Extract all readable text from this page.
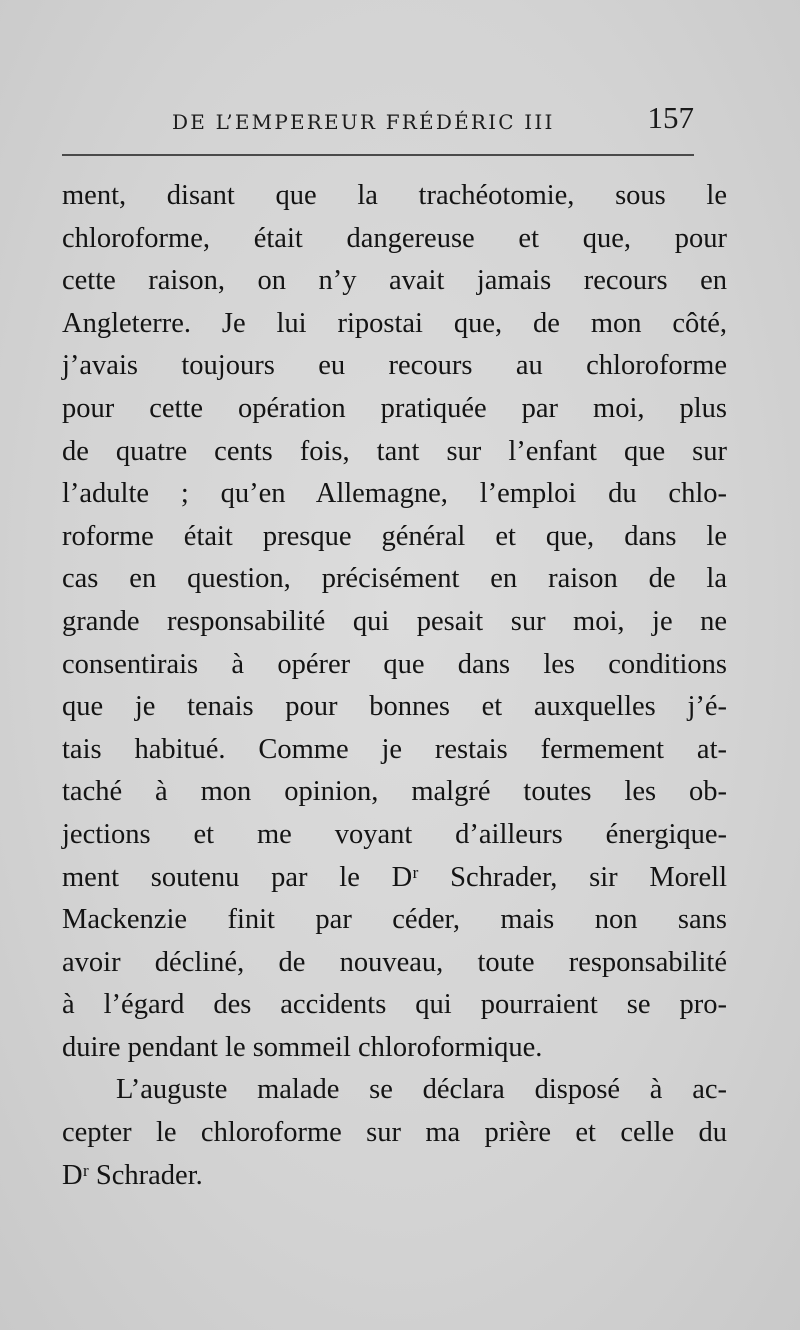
DE L’EMPEREUR FRÉDÉRIC III	157
ment, disant que la trachéotomie, sous le
chloroforme, était dangereuse et que, pour
cette raison, on n’y avait jamais recours en
Angleterre. Je lui ripostai que, de mon côté,
j’avais toujours eu recours au chloroforme
pour cette opération pratiquée par moi, plus
de quatre cents fois, tant sur l’enfant que sur
l’adulte ; qu’en Allemagne, l’emploi du chlo-
roforme était presque général et que, dans le
cas en question, précisément en raison de la
grande responsabilité qui pesait sur moi, je ne
consentirais à opérer que dans les conditions
que je tenais pour bonnes et auxquelles j’é-
tais habitué. Comme je restais fermement at-
taché à mon opinion, malgré toutes les ob-
jections et me voyant d’ailleurs énergique-
ment soutenu par le Dʳ Schrader, sir Morell
Mackenzie finit par céder, mais non sans
avoir décliné, de nouveau, toute responsabilité
à l’égard des accidents qui pourraient se pro-
duire pendant le sommeil chloroformique.
L’auguste malade se déclara disposé à ac-
cepter le chloroforme sur ma prière et celle du
Dʳ Schrader.
